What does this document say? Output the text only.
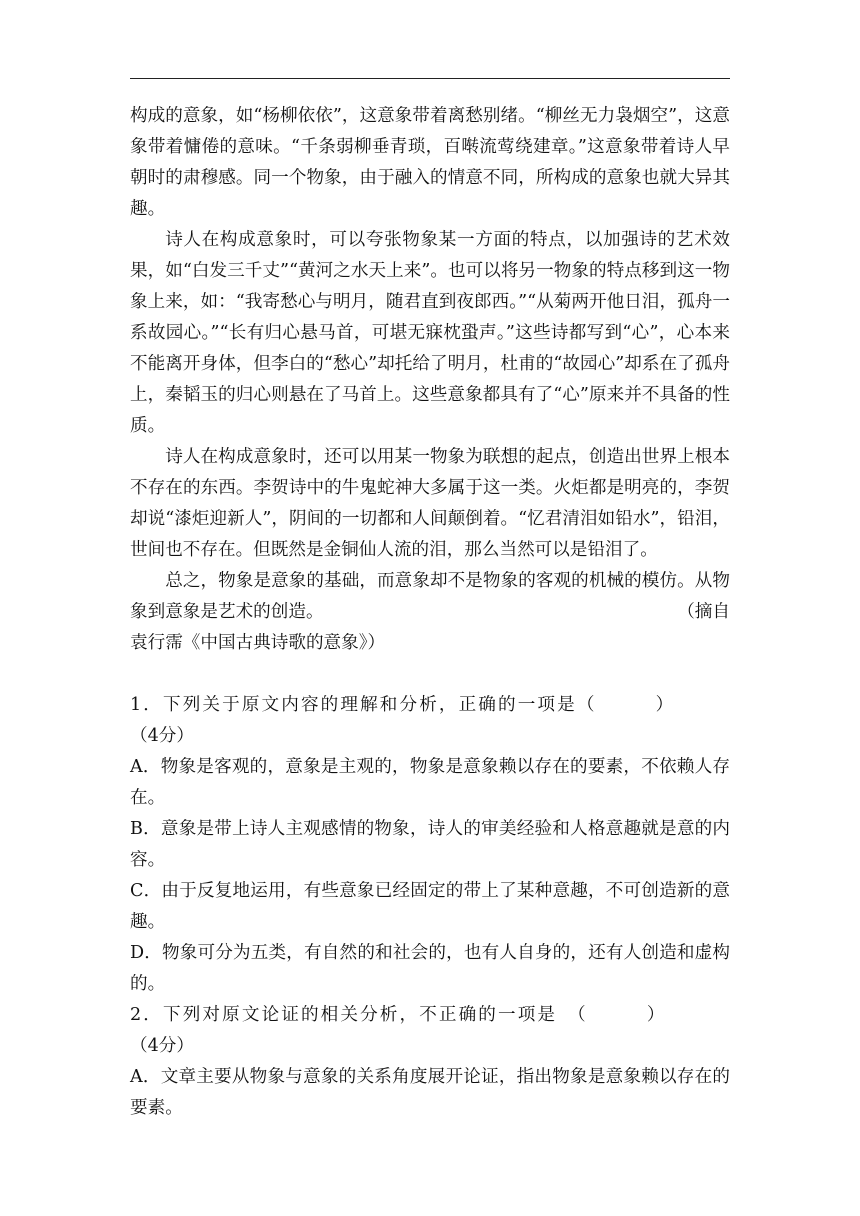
构成的意象，如“杨柳依依”，这意象带着离愁别绪。“柳丝无力袅烟空”，这意象带着慵倦的意味。“千条弱柳垂青琐，百啭流莺绕建章。”这意象带着诗人早朝时的肃穆感。同一个物象，由于融入的情意不同，所构成的意象也就大异其趣。

诗人在构成意象时，可以夸张物象某一方面的特点，以加强诗的艺术效果，如“白发三千丈”“黄河之水天上来”。也可以将另一物象的特点移到这一物象上来，如：“我寄愁心与明月，随君直到夜郎西。”“从菊两开他日泪，孤舟一系故园心。”“长有归心悬马首，可堪无寐枕蛩声。”这些诗都写到“心”，心本来不能离开身体，但李白的“愁心”却托给了明月，杜甫的“故园心”却系在了孤舟上，秦韬玉的归心则悬在了马首上。这些意象都具有了“心”原来并不具备的性质。

诗人在构成意象时，还可以用某一物象为联想的起点，创造出世界上根本不存在的东西。李贺诗中的牛鬼蛇神大多属于这一类。火炬都是明亮的，李贺却说“漆炬迎新人”，阴间的一切都和人间颠倒着。“忆君清泪如铅水”，铅泪，世间也不存在。但既然是金铜仙人流的泪，那么当然可以是铅泪了。

总之，物象是意象的基础，而意象却不是物象的客观的机械的模仿。从物象到意象是艺术的创造。	（摘自

袁行霈《中国古典诗歌的意象》）

1．下列关于原文内容的理解和分析，正确的一项是（　　　）

（4分）

A．物象是客观的，意象是主观的，物象是意象赖以存在的要素，不依赖人存在。

B．意象是带上诗人主观感情的物象，诗人的审美经验和人格意趣就是意的内容。

C．由于反复地运用，有些意象已经固定的带上了某种意趣，不可创造新的意趣。

D．物象可分为五类，有自然的和社会的，也有人自身的，还有人创造和虚构的。

2．下列对原文论证的相关分析，不正确的一项是　（　　　）

（4分）

A．文章主要从物象与意象的关系角度展开论证，指出物象是意象赖以存在的要素。
